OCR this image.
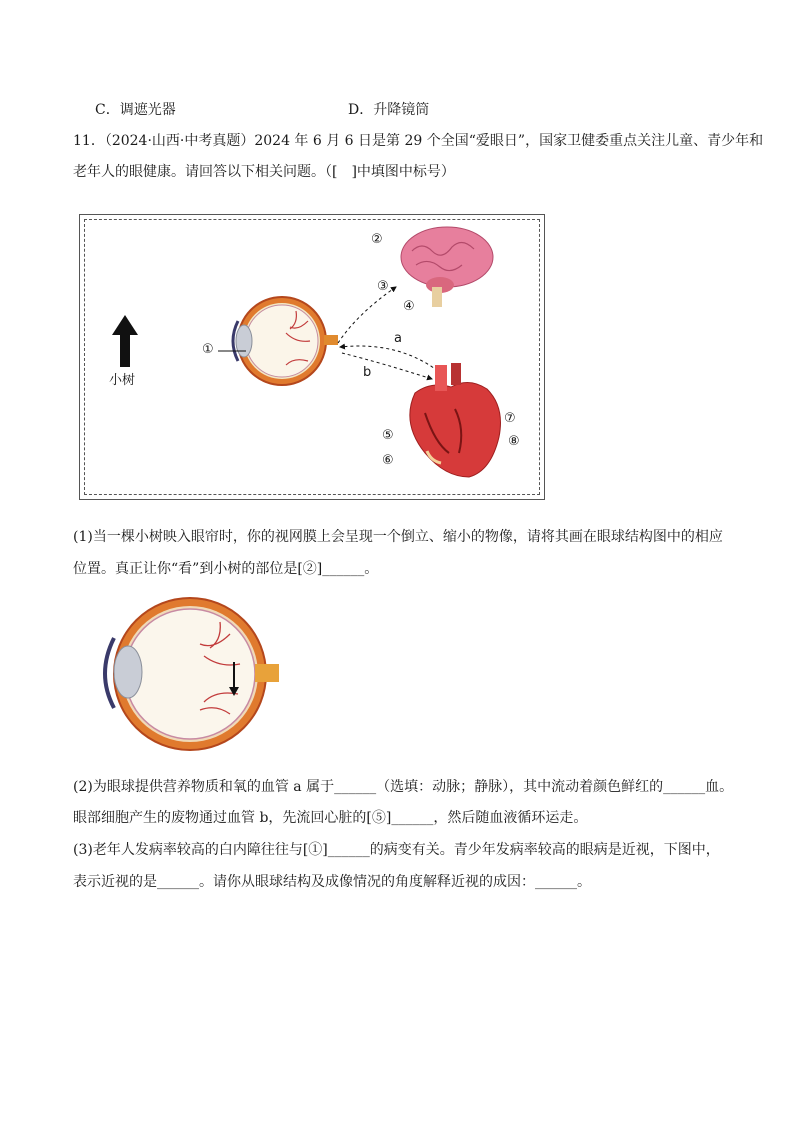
C．调遮光器	D．升降镜筒
11．（2024·山西·中考真题）2024 年 6 月 6 日是第 29 个全国“爱眼日”，国家卫健委重点关注儿童、青少年和
老年人的眼健康。请回答以下相关问题。（[　]中填图中标号）
小树
①
②
③
④
a
b
⑤
⑥
⑦
⑧
(1)当一棵小树映入眼帘时，你的视网膜上会呈现一个倒立、缩小的物像，请将其画在眼球结构图中的相应
位置。真正让你“看”到小树的部位是[②]______。
(2)为眼球提供营养物质和氧的血管 a 属于______（选填：动脉；静脉），其中流动着颜色鲜红的______血。
眼部细胞产生的废物通过血管 b，先流回心脏的[⑤]______，然后随血液循环运走。
(3)老年人发病率较高的白内障往往与[①]______的病变有关。青少年发病率较高的眼病是近视，下图中，
表示近视的是______。请你从眼球结构及成像情况的角度解释近视的成因：______。
